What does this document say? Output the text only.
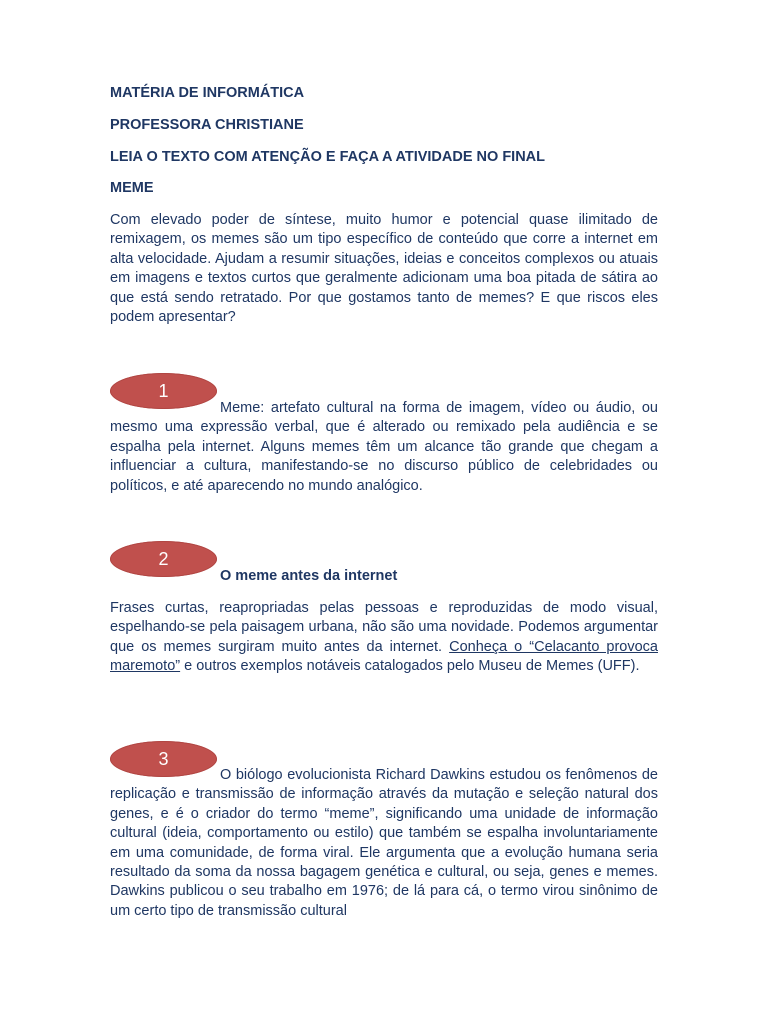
MATÉRIA DE INFORMÁTICA
PROFESSORA CHRISTIANE
LEIA O TEXTO COM ATENÇÃO E FAÇA A ATIVIDADE NO FINAL
MEME
Com elevado poder de síntese, muito humor e potencial quase ilimitado de remixagem, os memes são um tipo específico de conteúdo que corre a internet em alta velocidade. Ajudam a resumir situações, ideias e conceitos complexos ou atuais em imagens e textos curtos que geralmente adicionam uma boa pitada de sátira ao que está sendo retratado. Por que gostamos tanto de memes? E que riscos eles podem apresentar?
1
Meme: artefato cultural na forma de imagem, vídeo ou áudio, ou mesmo uma expressão verbal, que é alterado ou remixado pela audiência e se espalha pela internet. Alguns memes têm um alcance tão grande que chegam a influenciar a cultura, manifestando-se no discurso público de celebridades ou políticos, e até aparecendo no mundo analógico.
2
O meme antes da internet
Frases curtas, reapropriadas pelas pessoas e reproduzidas de modo visual, espelhando-se pela paisagem urbana, não são uma novidade. Podemos argumentar que os memes surgiram muito antes da internet. Conheça o “Celacanto provoca maremoto” e outros exemplos notáveis catalogados pelo Museu de Memes (UFF).
3
O biólogo evolucionista Richard Dawkins estudou os fenômenos de replicação e transmissão de informação através da mutação e seleção natural dos genes, e é o criador do termo “meme”, significando uma unidade de informação cultural (ideia, comportamento ou estilo) que também se espalha involuntariamente em uma comunidade, de forma viral. Ele argumenta que a evolução humana seria resultado da soma da nossa bagagem genética e cultural, ou seja, genes e memes. Dawkins publicou o seu trabalho em 1976; de lá para cá, o termo virou sinônimo de um certo tipo de transmissão cultural
